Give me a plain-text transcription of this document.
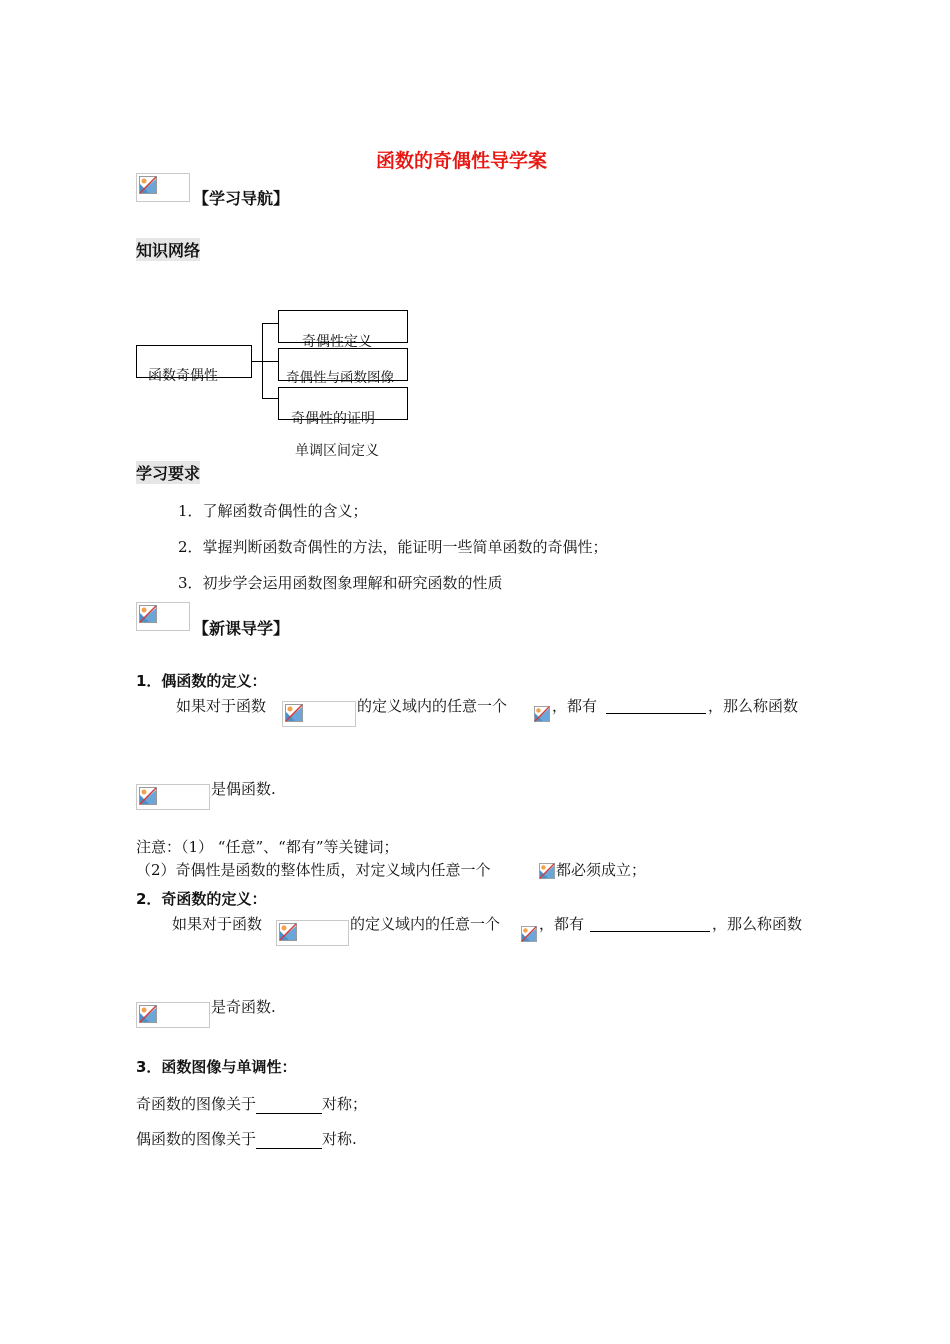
函数的奇偶性导学案
【学习导航】
知识网络
函数奇偶性
奇偶性定义
奇偶性与函数图像
奇偶性的证明
单调区间定义
学习要求
1．了解函数奇偶性的含义；
2．掌握判断函数奇偶性的方法，能证明一些简单函数的奇偶性；
3．初步学会运用函数图象理解和研究函数的性质
【新课导学】
1．偶函数的定义：
如果对于函数	的定义域内的任意一个	，都有
	，那么称函数
是偶函数.
注意：（1） “任意”、“都有”等关键词；
（2）奇偶性是函数的整体性质，对定义域内任意一个	都必须成立；
2．奇函数的定义：
如果对于函数	的定义域内的任意一个	，都有
	，那么称函数
是奇函数.
3．函数图像与单调性：
奇函数的图像关于	对称；
偶函数的图像关于	对称.
